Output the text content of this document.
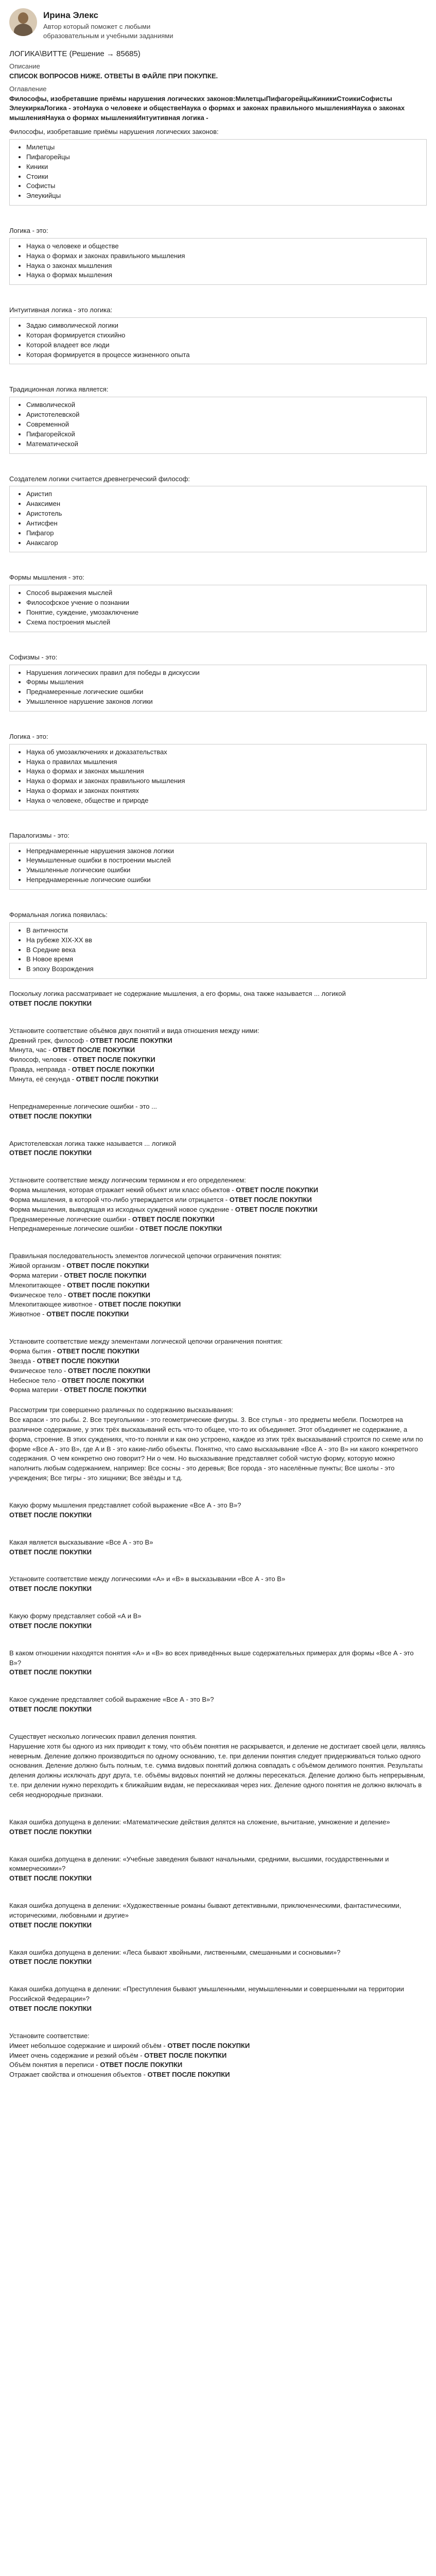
Ирина Элекс
Автор который поможет с любыми образовательным и учебными заданиями
ЛОГИКА\ВИТТЕ (Решение → 85685)
Описание
СПИСОК ВОПРОСОВ НИЖЕ. ОТВЕТЫ В ФАЙЛЕ ПРИ ПОКУПКЕ.
Оглавление
Философы, изобретавшие приёмы нарушения логических законов:МилетцыПифагорейцыКиникиСтоикиСофисты ЭлеукиркаЛогика - этоНаука о человеке и обществеНаука о формах и законах правильного мышленияНаука о законах мышленияНаука о формах мышленияИнтуитивная логика -
Философы, изобретавшие приёмы нарушения логических законов:
• Милетцы
• Пифагорейцы
• Киники
• Стоики
• Софисты
• Элеукийцы
Логика - это:
• Наука о человеке и обществе
• Наука о формах и законах правильного мышления
• Наука о законах мышления
• Наука о формах мышления
Интуитивная логика - это логика:
• Задаю символической логики
• Которая формируется стихийно
• Которой владеет все люди
• Которая формируется в процессе жизненного опыта
Традиционная логика является:
• Символической
• Аристотелевской
• Современной
• Пифагорейской
• Математической
Создателем логики считается древнегреческий философ:
• Аристип
• Анаксимен
• Аристотель
• Антисфен
• Пифагор
• Анаксагор
Формы мышления - это:
• Способ выражения мыслей
• Философское учение о познании
• Понятие, суждение, умозаключение
• Схема построения мыслей
Софизмы - это:
• Нарушения логических правил для победы в дискуссии
• Формы мышления
• Преднамеренные логические ошибки
• Умышленное нарушение законов логики
Логика - это:
• Наука об умозаключениях и доказательствах
• Наука о правилах мышления
• Наука о формах и законах мышления
• Наука о формах и законах правильного мышления
• Наука о формах и законах понятиях
• Наука о человеке, обществе и природе
Паралогизмы - это:
• Непреднамеренные нарушения законов логики
• Неумышленные ошибки в построении мыслей
• Умышленные логические ошибки
• Непреднамеренные логические ошибки
Формальная логика появилась:
• В античности
• На рубеже XIX-XX вв
• В Средние века
• В Новое время
• В эпоху Возрождения
Поскольку логика рассматривает не содержание мышления, а его формы, она также называется ... логикой
ОТВЕТ ПОСЛЕ ПОКУПКИ
Установите соответствие объёмов двух понятий и вида отношения между ними:
Древний грек, философ - ОТВЕТ ПОСЛЕ ПОКУПКИ
Минута, час - ОТВЕТ ПОСЛЕ ПОКУПКИ
Философ, человек - ОТВЕТ ПОСЛЕ ПОКУПКИ
Правда, неправда - ОТВЕТ ПОСЛЕ ПОКУПКИ
Минута, её секунда - ОТВЕТ ПОСЛЕ ПОКУПКИ
Непреднамеренные логические ошибки - это ...
ОТВЕТ ПОСЛЕ ПОКУПКИ
Аристотелевская логика также называется ... логикой
ОТВЕТ ПОСЛЕ ПОКУПКИ
Установите соответствие между логическим термином и его определением:
Форма мышления, которая отражает некий объект или класс объектов - ОТВЕТ ПОСЛЕ ПОКУПКИ
Форма мышления, в которой что-либо утверждается или отрицается - ОТВЕТ ПОСЛЕ ПОКУПКИ
Форма мышления, выводящая из исходных суждений новое суждение - ОТВЕТ ПОСЛЕ ПОКУПКИ
Преднамеренные логические ошибки - ОТВЕТ ПОСЛЕ ПОКУПКИ
Непреднамеренные логические ошибки - ОТВЕТ ПОСЛЕ ПОКУПКИ
Правильная последовательность элементов логической цепочки ограничения понятия:
Живой организм - ОТВЕТ ПОСЛЕ ПОКУПКИ
Форма материи - ОТВЕТ ПОСЛЕ ПОКУПКИ
Млекопитающее - ОТВЕТ ПОСЛЕ ПОКУПКИ
Физическое тело - ОТВЕТ ПОСЛЕ ПОКУПКИ
Млекопитающее животное - ОТВЕТ ПОСЛЕ ПОКУПКИ
Животное - ОТВЕТ ПОСЛЕ ПОКУПКИ
Установите соответствие между элементами логической цепочки ограничения понятия:
Форма бытия - ОТВЕТ ПОСЛЕ ПОКУПКИ
Звезда - ОТВЕТ ПОСЛЕ ПОКУПКИ
Физическое тело - ОТВЕТ ПОСЛЕ ПОКУПКИ
Небесное тело - ОТВЕТ ПОСЛЕ ПОКУПКИ
Форма материи - ОТВЕТ ПОСЛЕ ПОКУПКИ
Рассмотрим три совершенно различных по содержанию высказывания:
Все караси - это рыбы. 2. Все треугольники - это геометрические фигуры. 3. Все стулья - это предметы мебели. Посмотрев на различное содержание, у этих трёх высказываний есть что-то общее, что-то их объединяет. Этот объединяет не содержание, а форма, строение. В этих суждениях, что-то поняли и как оно устроено, каждое из этих трёх высказываний строится по схеме или по форме «Все A - это B», где A и B - это какие-либо объекты. Понятно, что само высказывание «Все А - это В» ни какого конкретного содержания. О чем конкретно оно говорит? Ни о чем. Но высказывание представляет собой чистую форму, которую можно наполнить любым содержанием, например: Все сосны - это деревья; Все города - это населённые пункты; Все школы - это учреждения; Все тигры - это хищники; Все звёзды и т.д.
Какую форму мышления представляет собой выражение «Все А - это В»?
ОТВЕТ ПОСЛЕ ПОКУПКИ
Какая является высказывание «Все А - это В»
ОТВЕТ ПОСЛЕ ПОКУПКИ
Установите соответствие между логическими «А» и «В» в высказывании «Все А - это В»
ОТВЕТ ПОСЛЕ ПОКУПКИ
Какую форму представляет собой «А и В»
ОТВЕТ ПОСЛЕ ПОКУПКИ
В каком отношении находятся понятия «А» и «В» во всех приведённых выше содержательных примерах для формы «Все А - это В»?
ОТВЕТ ПОСЛЕ ПОКУПКИ
Какое суждение представляет собой выражение «Все А - это В»?
ОТВЕТ ПОСЛЕ ПОКУПКИ
Существует несколько логических правил деления понятия.
Нарушение хотя бы одного из них приводит к тому, что объём понятия не раскрывается, и деление не достигает своей цели, являясь неверным. Деление должно производиться по одному основанию, т.е. при делении понятия следует придерживаться только одного основания. Деление должно быть полным, т.е. сумма видовых понятий должна совпадать с объёмом делимого понятия. Результаты деления должны исключать друг друга, т.е. объёмы видовых понятий не должны пересекаться. Деление должно быть непрерывным, т.е. при делении нужно переходить к ближайшим видам, не перескакивая через них. Деление одного понятия не должно включать в себя неоднородные признаки.
Какая ошибка допущена в делении: «Математические действия делятся на сложение, вычитание, умножение и деление»
ОТВЕТ ПОСЛЕ ПОКУПКИ
Какая ошибка допущена в делении: «Учебные заведения бывают начальными, средними, высшими, государственными и коммерческими»?
ОТВЕТ ПОСЛЕ ПОКУПКИ
Какая ошибка допущена в делении: «Художественные романы бывают детективными, приключенческими, фантастическими, историческими, любовными и другие»
ОТВЕТ ПОСЛЕ ПОКУПКИ
Какая ошибка допущена в делении: «Леса бывают хвойными, лиственными, смешанными и сосновыми»?
ОТВЕТ ПОСЛЕ ПОКУПКИ
Какая ошибка допущена в делении: «Преступления бывают умышленными, неумышленными и совершенными на территории Российской Федерации»?
ОТВЕТ ПОСЛЕ ПОКУПКИ
Установите соответствие:
Имеет небольшое содержание и широкий объём - ОТВЕТ ПОСЛЕ ПОКУПКИ
Имеет очень содержание и резкий объём - ОТВЕТ ПОСЛЕ ПОКУПКИ
Объём понятия в переписи - ОТВЕТ ПОСЛЕ ПОКУПКИ
Отражает свойства и отношения объектов - ОТВЕТ ПОСЛЕ ПОКУПКИ
